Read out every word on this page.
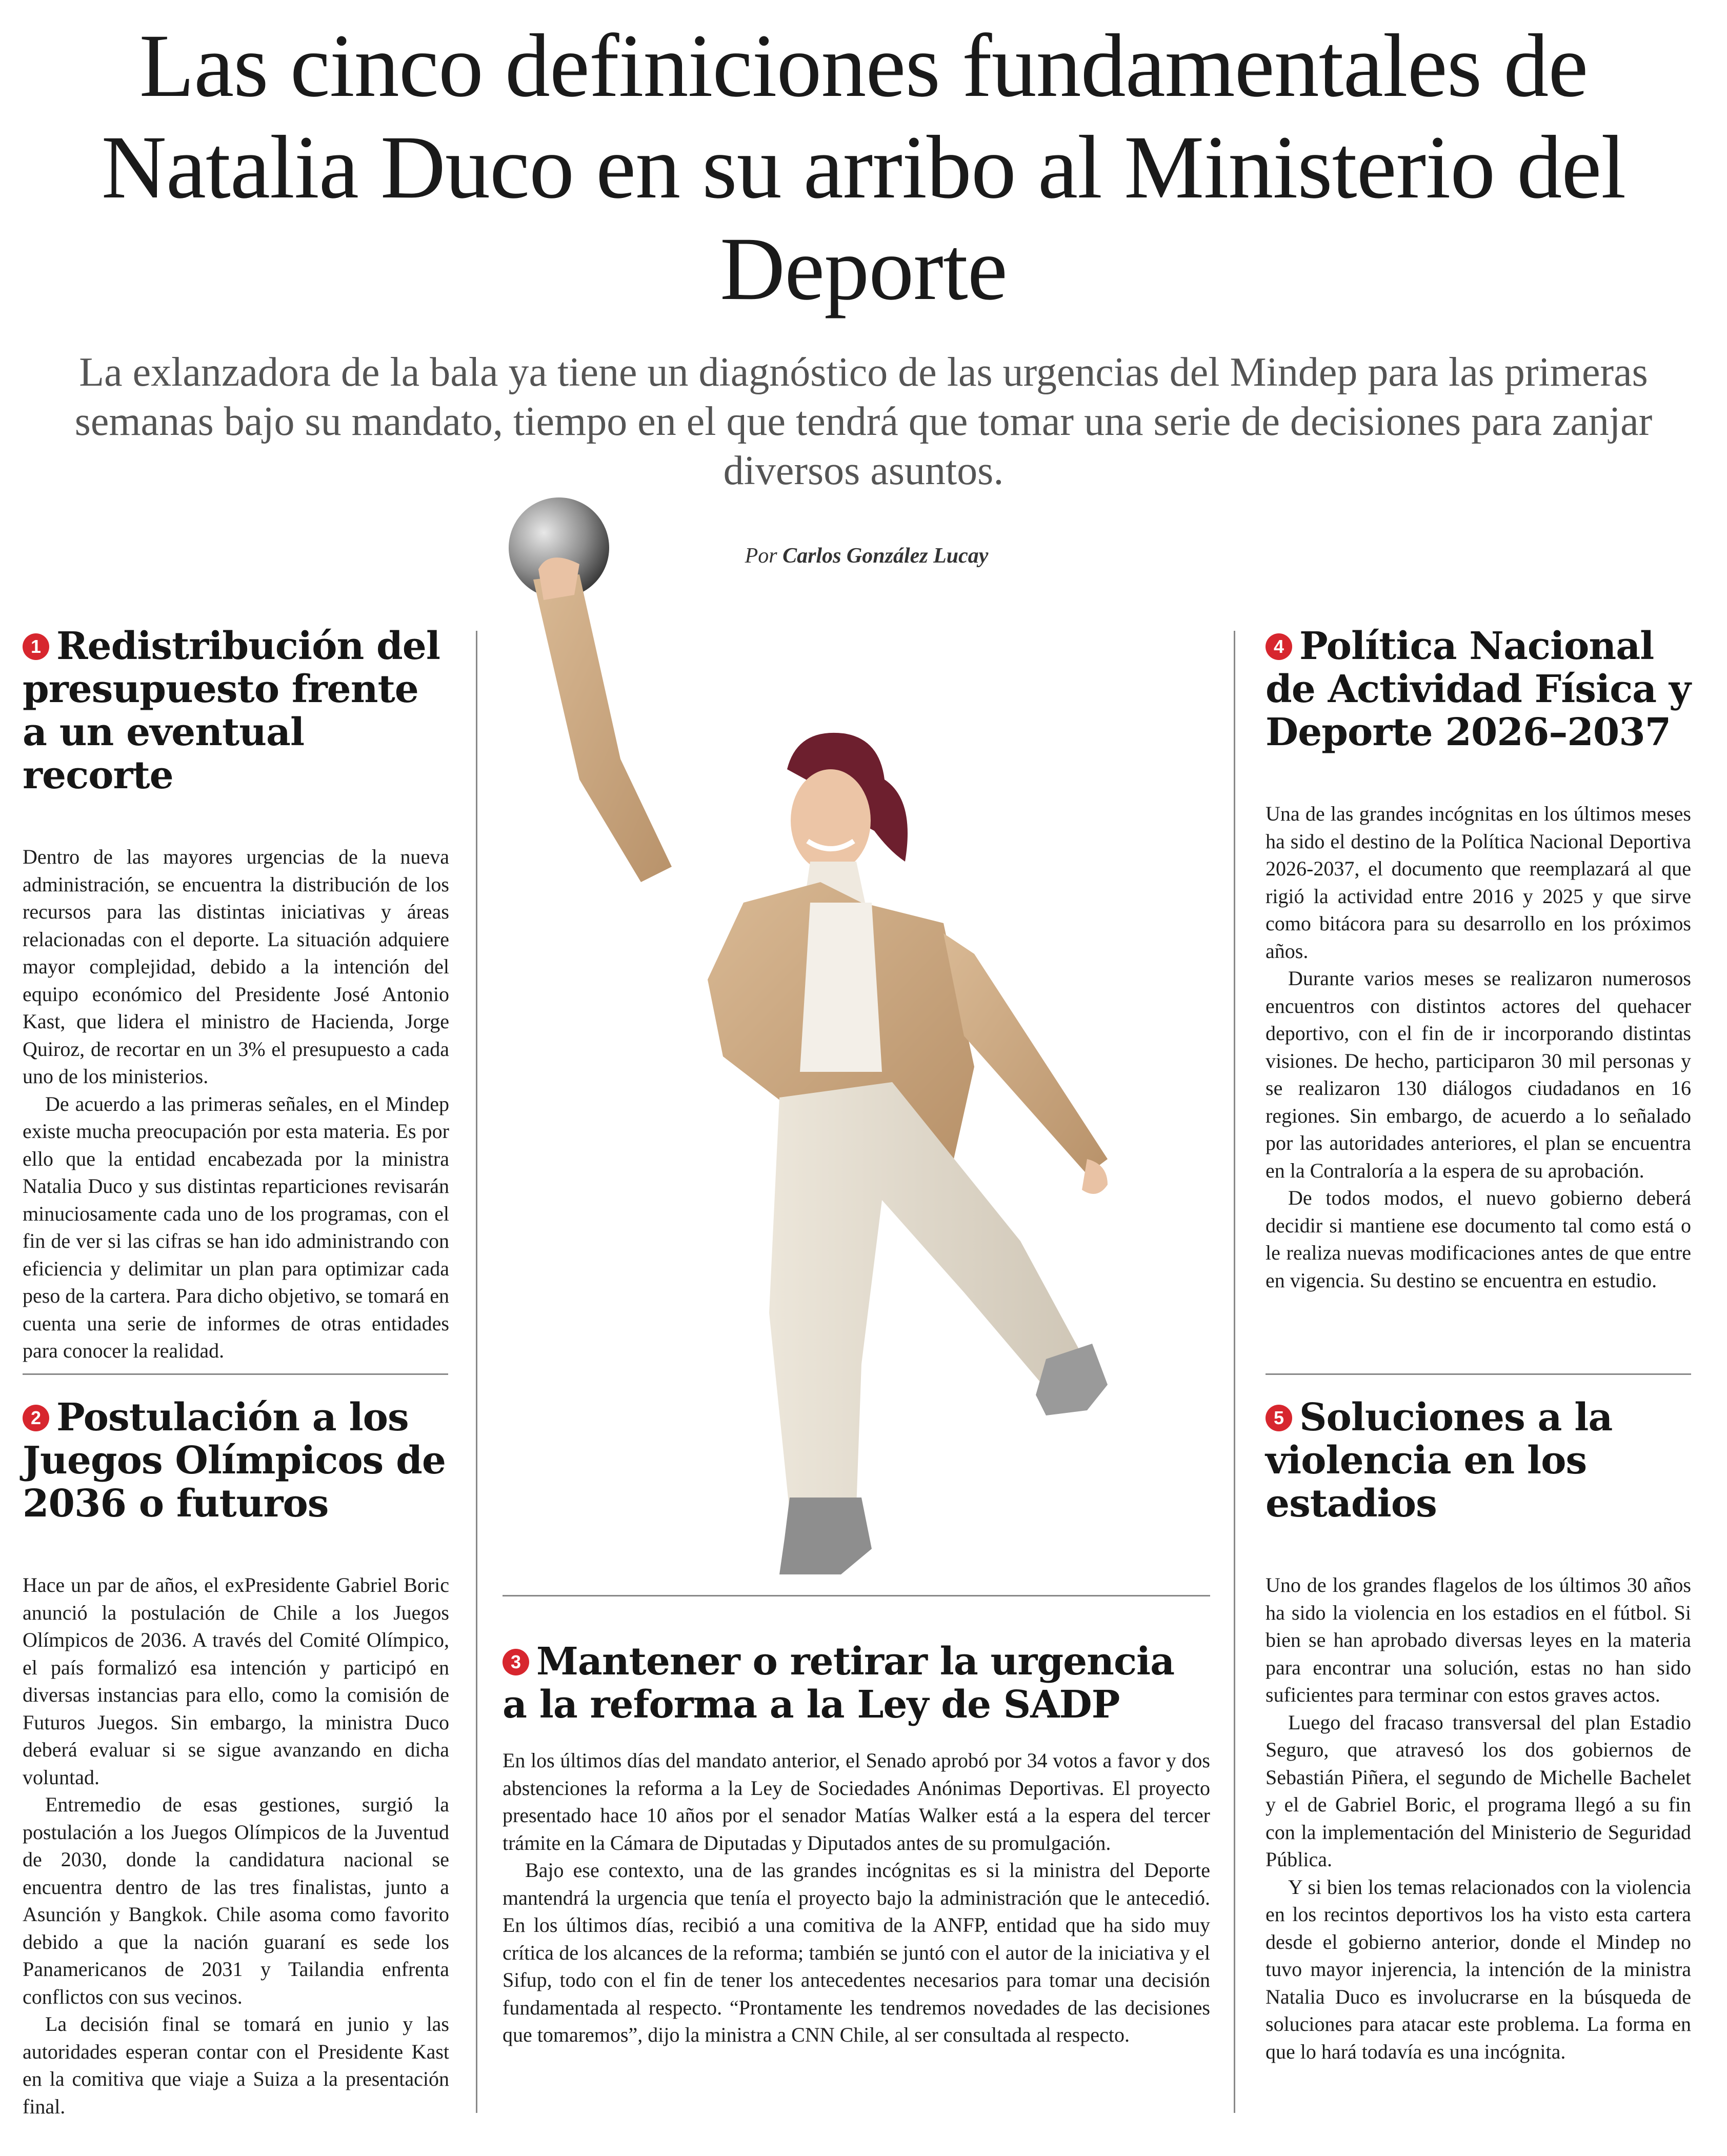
Las cinco definiciones fundamentales de Natalia Duco en su arribo al Ministerio del Deporte

La exlanzadora de la bala ya tiene un diagnóstico de las urgencias del Mindep para las primeras semanas bajo su mandato, tiempo en el que tendrá que tomar una serie de decisiones para zanjar diversos asuntos.

Por Carlos González Lucay
1 Redistribución del presupuesto frente a un eventual recorte

Dentro de las mayores urgencias de la nueva administración, se encuentra la distribución de los recursos para las distintas iniciativas y áreas relacionadas con el deporte. La situación adquiere mayor complejidad, debido a la intención del equipo económico del Presidente José Antonio Kast, que lidera el ministro de Hacienda, Jorge Quiroz, de recortar en un 3% el presupuesto a cada uno de los ministerios.

De acuerdo a las primeras señales, en el Mindep existe mucha preocupación por esta materia. Es por ello que la entidad encabezada por la ministra Natalia Duco y sus distintas reparticiones revisarán minuciosamente cada uno de los programas, con el fin de ver si las cifras se han ido administrando con eficiencia y delimitar un plan para optimizar cada peso de la cartera. Para dicho objetivo, se tomará en cuenta una serie de informes de otras entidades para conocer la realidad.

2 Postulación a los Juegos Olímpicos de 2036 o futuros

Hace un par de años, el exPresidente Gabriel Boric anunció la postulación de Chile a los Juegos Olímpicos de 2036. A través del Comité Olímpico, el país formalizó esa intención y participó en diversas instancias para ello, como la comisión de Futuros Juegos. Sin embargo, la ministra Duco deberá evaluar si se sigue avanzando en dicha voluntad.

Entremedio de esas gestiones, surgió la postulación a los Juegos Olímpicos de la Juventud de 2030, donde la candidatura nacional se encuentra dentro de las tres finalistas, junto a Asunción y Bangkok. Chile asoma como favorito debido a que la nación guaraní es sede los Panamericanos de 2031 y Tailandia enfrenta conflictos con sus vecinos.

La decisión final se tomará en junio y las autoridades esperan contar con el Presidente Kast en la comitiva que viaje a Suiza a la presentación final.

3 Mantener o retirar la urgencia a la reforma a la Ley de SADP

En los últimos días del mandato anterior, el Senado aprobó por 34 votos a favor y dos abstenciones la reforma a la Ley de Sociedades Anónimas Deportivas. El proyecto presentado hace 10 años por el senador Matías Walker está a la espera del tercer trámite en la Cámara de Diputadas y Diputados antes de su promulgación.

Bajo ese contexto, una de las grandes incógnitas es si la ministra del Deporte mantendrá la urgencia que tenía el proyecto bajo la administración que le antecedió. En los últimos días, recibió a una comitiva de la ANFP, entidad que ha sido muy crítica de los alcances de la reforma; también se juntó con el autor de la iniciativa y el Sifup, todo con el fin de tener los antecedentes necesarios para tomar una decisión fundamentada al respecto. “Prontamente les tendremos novedades de las decisiones que tomaremos”, dijo la ministra a CNN Chile, al ser consultada al respecto.

4 Política Nacional de Actividad Física y Deporte 2026–2037

Una de las grandes incógnitas en los últimos meses ha sido el destino de la Política Nacional Deportiva 2026-2037, el documento que reemplazará al que rigió la actividad entre 2016 y 2025 y que sirve como bitácora para su desarrollo en los próximos años.

Durante varios meses se realizaron numerosos encuentros con distintos actores del quehacer deportivo, con el fin de ir incorporando distintas visiones. De hecho, participaron 30 mil personas y se realizaron 130 diálogos ciudadanos en 16 regiones. Sin embargo, de acuerdo a lo señalado por las autoridades anteriores, el plan se encuentra en la Contraloría a la espera de su aprobación.

De todos modos, el nuevo gobierno deberá decidir si mantiene ese documento tal como está o le realiza nuevas modificaciones antes de que entre en vigencia. Su destino se encuentra en estudio.

5 Soluciones a la violencia en los estadios

Uno de los grandes flagelos de los últimos 30 años ha sido la violencia en los estadios en el fútbol. Si bien se han aprobado diversas leyes en la materia para encontrar una solución, estas no han sido suficientes para terminar con estos graves actos.

Luego del fracaso transversal del plan Estadio Seguro, que atravesó los dos gobiernos de Sebastián Piñera, el segundo de Michelle Bachelet y el de Gabriel Boric, el programa llegó a su fin con la implementación del Ministerio de Seguridad Pública.

Y si bien los temas relacionados con la violencia en los recintos deportivos los ha visto esta cartera desde el gobierno anterior, donde el Mindep no tuvo mayor injerencia, la intención de la ministra Natalia Duco es involucrarse en la búsqueda de soluciones para atacar este problema. La forma en que lo hará todavía es una incógnita.
